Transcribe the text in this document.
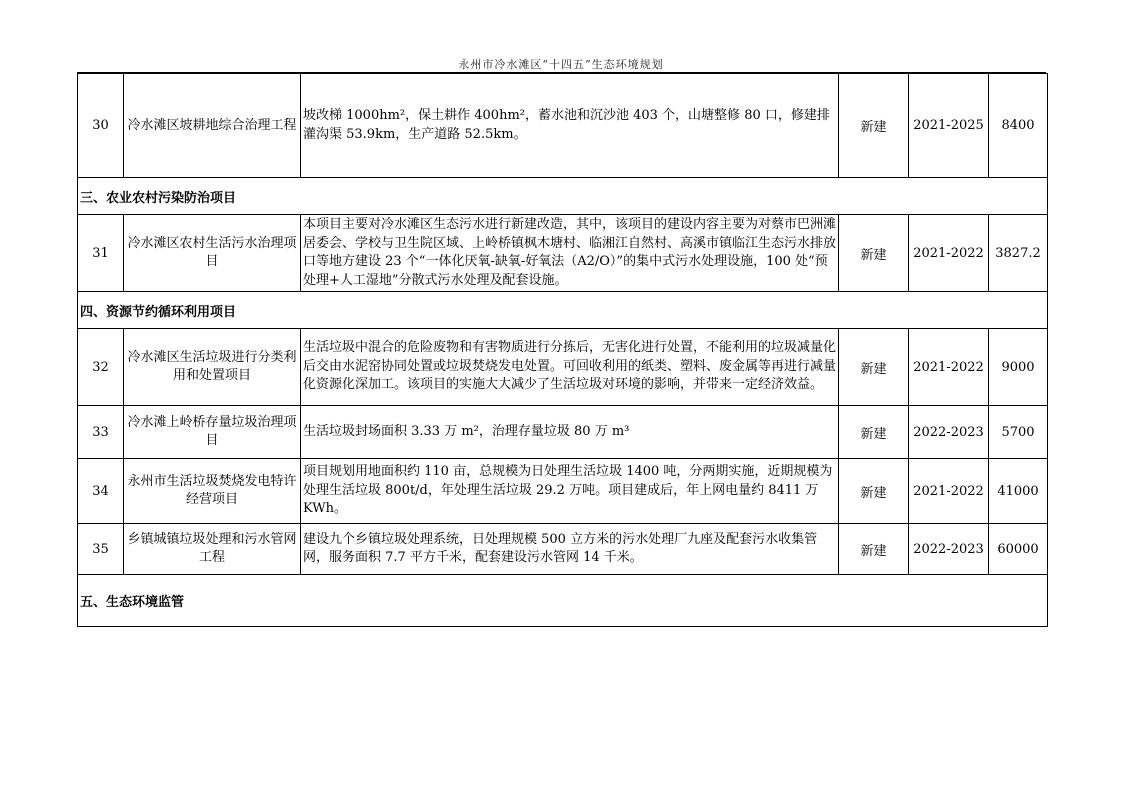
永州市冷水滩区“十四五”生态环境规划
30	冷水滩区坡耕地综合治理工程	坡改梯 1000hm²，保土耕作 400hm²，蓄水池和沉沙池 403 个，山塘整修 80 口，修建排灌沟渠 53.9km，生产道路 52.5km。	新建	2021-2025	8400
三、农业农村污染防治项目					
31	冷水滩区农村生活污水治理项目	本项目主要对冷水滩区生态污水进行新建改造，其中，该项目的建设内容主要为对蔡市巴洲滩居委会、学校与卫生院区域、上岭桥镇枫木塘村、临湘江自然村、高溪市镇临江生态污水排放口等地方建设 23 个“一体化厌氧-缺氧-好氧法（A2/O）”的集中式污水处理设施，100 处“预处理+人工湿地”分散式污水处理及配套设施。	新建	2021-2022	3827.2
四、资源节约循环利用项目					
32	冷水滩区生活垃圾进行分类利用和处置项目	生活垃圾中混合的危险废物和有害物质进行分拣后，无害化进行处置，不能利用的垃圾减量化后交由水泥窑协同处置或垃圾焚烧发电处置。可回收利用的纸类、塑料、废金属等再进行减量化资源化深加工。该项目的实施大大减少了生活垃圾对环境的影响，并带来一定经济效益。	新建	2021-2022	9000
33	冷水滩上岭桥存量垃圾治理项目	生活垃圾封场面积 3.33 万 m²，治理存量垃圾 80 万 m³	新建	2022-2023	5700
34	永州市生活垃圾焚烧发电特许经营项目	项目规划用地面积约 110 亩，总规模为日处理生活垃圾 1400 吨，分两期实施，近期规模为处理生活垃圾 800t/d，年处理生活垃圾 29.2 万吨。项目建成后，年上网电量约 8411 万 KWh。	新建	2021-2022	41000
35	乡镇城镇垃圾处理和污水管网工程	建设九个乡镇垃圾处理系统，日处理规模 500 立方米的污水处理厂九座及配套污水收集管网，服务面积 7.7 平方千米，配套建设污水管网 14 千米。	新建	2022-2023	60000
五、生态环境监管					
